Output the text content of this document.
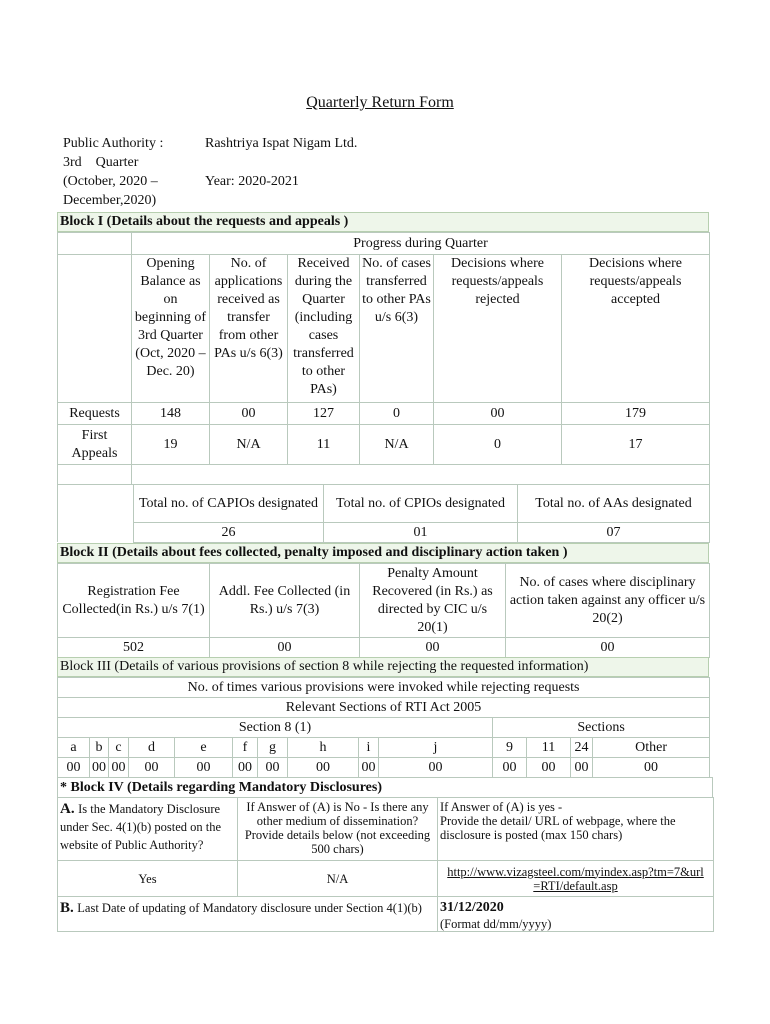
Quarterly Return Form
Public Authority :	Rashtriya Ispat Nigam Ltd.
3rd    Quarter
(October, 2020 –	Year: 2020-2021
December,2020)
Block I (Details about the requests and appeals )
	Progress during Quarter					
	Opening Balance as on beginning of 3rd Quarter (Oct, 2020 – Dec. 20)	No. of applications received as transfer from other PAs u/s 6(3)	Received during the Quarter (including cases transferred to other PAs)	No. of cases transferred to other PAs u/s 6(3)	Decisions where requests/appeals rejected	Decisions where requests/appeals accepted
Requests	148	00	127	0	00	179
First Appeals	19	N/A	11	N/A	0	17

Total no. of CAPIOs designated	Total no. of CPIOs designated	Total no. of AAs designated
26	01	07
Block II (Details about fees collected, penalty imposed and disciplinary action taken )
Registration Fee Collected(in Rs.) u/s 7(1)	Addl. Fee Collected (in Rs.) u/s 7(3)	Penalty Amount Recovered (in Rs.) as directed by CIC u/s 20(1)	No. of cases where disciplinary action taken against any officer u/s 20(2)
502	00	00	00
Block III (Details of various provisions of section 8 while rejecting the requested information)
No. of times various provisions were invoked while rejecting requests													
Relevant Sections of RTI Act 2005													
Section 8 (1)										Sections			
a	b	c	d	e	f	g	h	i	j	9	11	24	Other
00	00	00	00	00	00	00	00	00	00	00	00	00	00
* Block IV (Details regarding Mandatory Disclosures)
A. Is the Mandatory Disclosure under Sec. 4(1)(b) posted on the website of Public Authority?	If Answer of (A) is No - Is there any other medium of dissemination? Provide details below (not exceeding 500 chars)	If Answer of (A) is yes -
Provide the detail/ URL of webpage, where the disclosure is posted (max 150 chars)

Yes	N/A	http://www.vizagsteel.com/myindex.asp?tm=7&url=RTI/default.asp
B. Last Date of updating of Mandatory disclosure under Section 4(1)(b)		31/12/2020
(Format dd/mm/yyyy)
